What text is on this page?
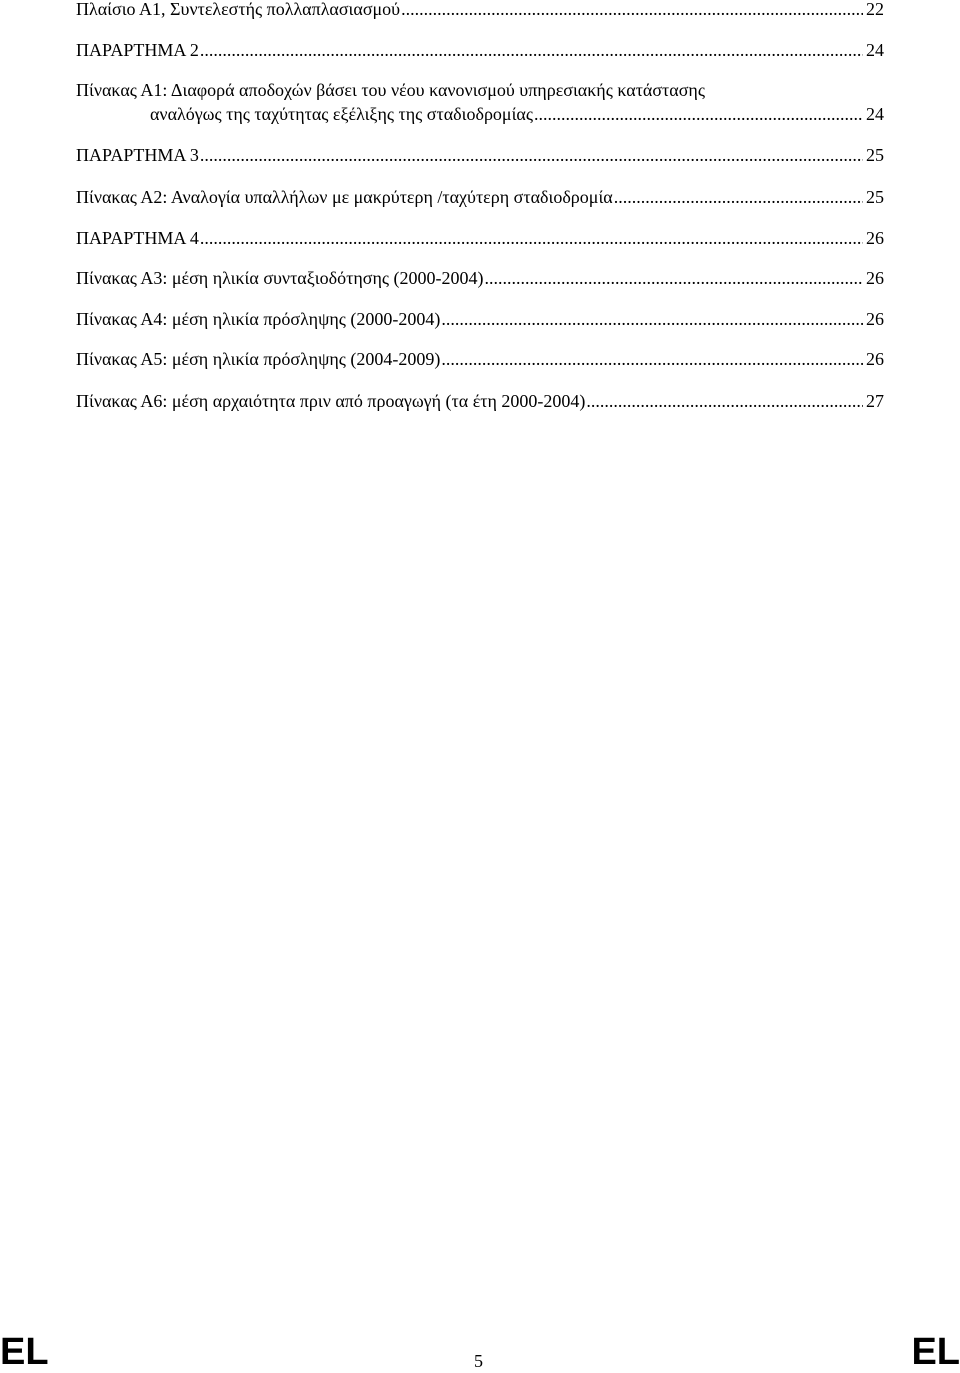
Πλαίσιο Α1, Συντελεστής πολλαπλασιασμού .....	22
ΠΑΡΑΡΤΗΜΑ 2 .....	24
Πίνακας Α1: Διαφορά αποδοχών βάσει του νέου κανονισμού υπηρεσιακής κατάστασης
αναλόγως της ταχύτητας εξέλιξης της σταδιοδρομίας .....	24
ΠΑΡΑΡΤΗΜΑ 3 .....	25
Πίνακας Α2: Αναλογία υπαλλήλων με μακρύτερη /ταχύτερη σταδιοδρομία .....	25
ΠΑΡΑΡΤΗΜΑ 4 .....	26
Πίνακας Α3: μέση ηλικία συνταξιοδότησης (2000-2004) .....	26
Πίνακας Α4: μέση ηλικία πρόσληψης (2000-2004) .....	26
Πίνακας Α5: μέση ηλικία πρόσληψης (2004-2009) .....	26
Πίνακας Α6: μέση αρχαιότητα πριν από προαγωγή (τα έτη 2000-2004) .....	27
EL	5	EL
